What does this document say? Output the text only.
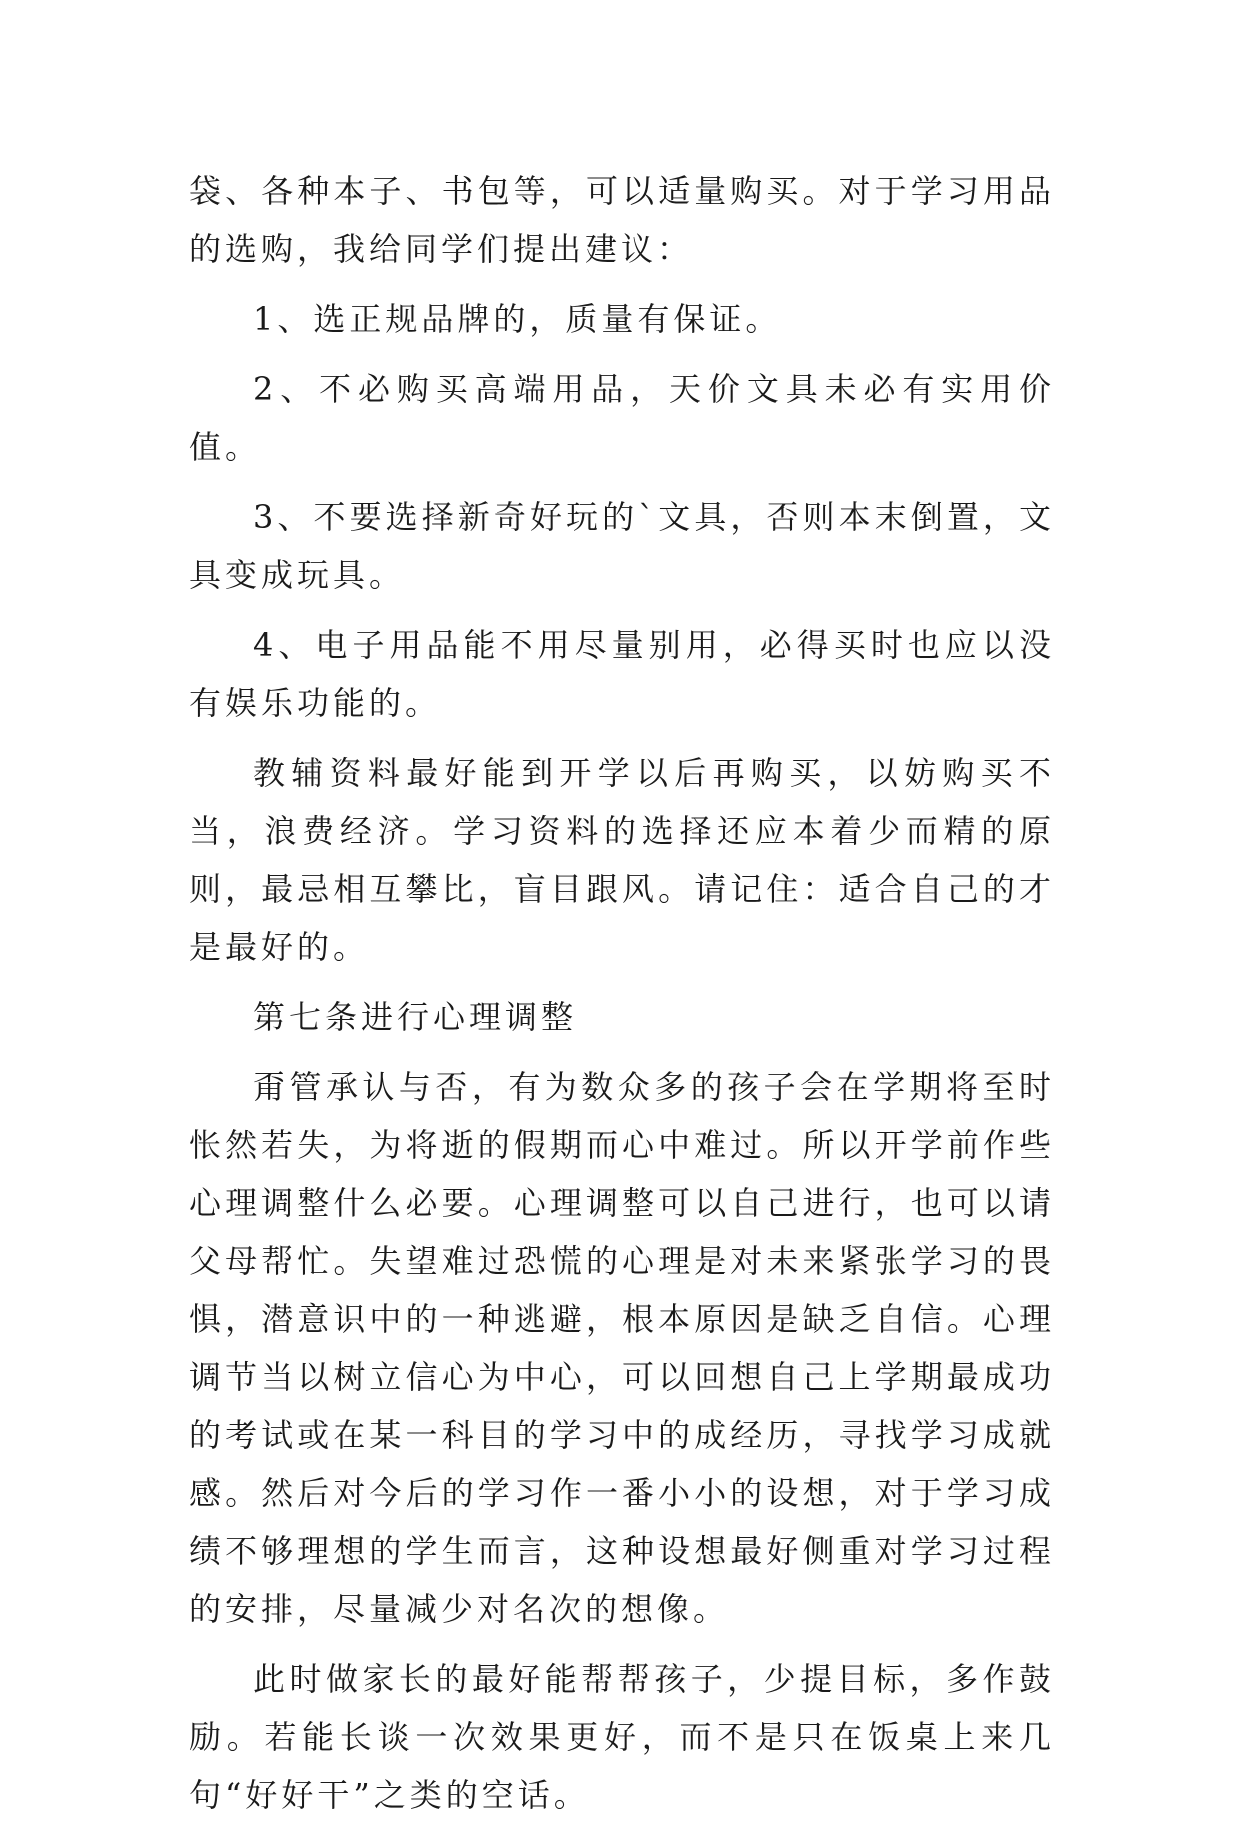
袋、各种本子、书包等，可以适量购买。对于学习用品的选购，我给同学们提出建议：

1、选正规品牌的，质量有保证。

2、不必购买高端用品，天价文具未必有实用价值。

3、不要选择新奇好玩的`文具，否则本末倒置，文具变成玩具。

4、电子用品能不用尽量别用，必得买时也应以没有娱乐功能的。

教辅资料最好能到开学以后再购买，以妨购买不当，浪费经济。学习资料的选择还应本着少而精的原则，最忌相互攀比，盲目跟风。请记住：适合自己的才是最好的。

第七条进行心理调整

甭管承认与否，有为数众多的孩子会在学期将至时怅然若失，为将逝的假期而心中难过。所以开学前作些心理调整什么必要。心理调整可以自己进行，也可以请父母帮忙。失望难过恐慌的心理是对未来紧张学习的畏惧，潜意识中的一种逃避，根本原因是缺乏自信。心理调节当以树立信心为中心，可以回想自己上学期最成功的考试或在某一科目的学习中的成经历，寻找学习成就感。然后对今后的学习作一番小小的设想，对于学习成绩不够理想的学生而言，这种设想最好侧重对学习过程的安排，尽量减少对名次的想像。

此时做家长的最好能帮帮孩子，少提目标，多作鼓励。若能长谈一次效果更好，而不是只在饭桌上来几句“好好干”之类的空话。
